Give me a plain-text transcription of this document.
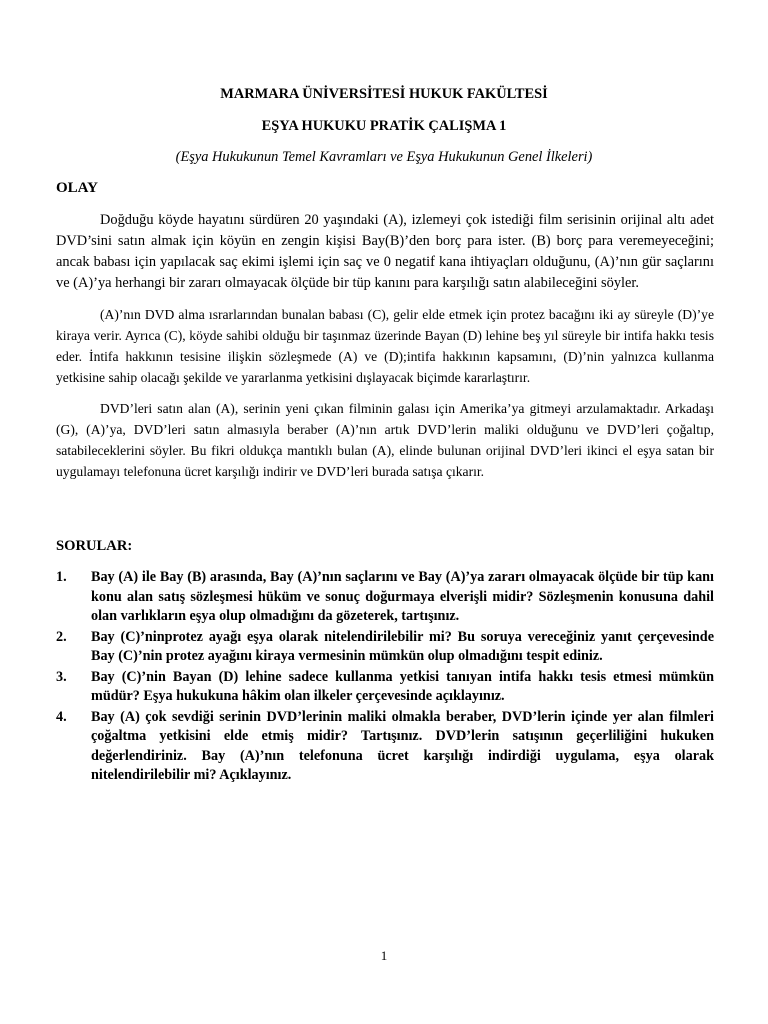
MARMARA ÜNİVERSİTESİ HUKUK FAKÜLTESİ
EŞYA HUKUKU PRATİK ÇALIŞMA 1
(Eşya Hukukunun Temel Kavramları ve Eşya Hukukunun Genel İlkeleri)
OLAY

Doğduğu köyde hayatını sürdüren 20 yaşındaki (A), izlemeyi çok istediği film serisinin orijinal altı adet DVD’sini satın almak için köyün en zengin kişisi Bay(B)’den borç para ister. (B) borç para veremeyeceğini; ancak babası için yapılacak saç ekimi işlemi için saç ve 0 negatif kana ihtiyaçları olduğunu, (A)’nın gür saçlarını ve (A)’ya herhangi bir zararı olmayacak ölçüde bir tüp kanını para karşılığı satın alabileceğini söyler.

(A)’nın DVD alma ısrarlarından bunalan babası (C), gelir elde etmek için protez bacağını iki ay süreyle (D)’ye kiraya verir. Ayrıca (C), köyde sahibi olduğu bir taşınmaz üzerinde Bayan (D) lehine beş yıl süreyle bir intifa hakkı tesis eder. İntifa hakkının tesisine ilişkin sözleşmede (A) ve (D);intifa hakkının kapsamını, (D)’nin yalnızca kullanma yetkisine sahip olacağı şekilde ve yararlanma yetkisini dışlayacak biçimde kararlaştırır.

DVD’leri satın alan (A), serinin yeni çıkan filminin galası için Amerika’ya gitmeyi arzulamaktadır. Arkadaşı (G), (A)’ya, DVD’leri satın almasıyla beraber (A)’nın artık DVD’lerin maliki olduğunu ve DVD’leri çoğaltıp, satabileceklerini söyler. Bu fikri oldukça mantıklı bulan (A), elinde bulunan orijinal DVD’leri ikinci el eşya satan bir uygulamayı telefonuna ücret karşılığı indirir ve DVD’leri burada satışa çıkarır.

SORULAR:
1.	Bay (A) ile Bay (B) arasında, Bay (A)’nın saçlarını ve Bay (A)’ya zararı olmayacak ölçüde bir tüp kanı konu alan satış sözleşmesi hüküm ve sonuç doğurmaya elverişli midir? Sözleşmenin konusuna dahil olan varlıkların eşya olup olmadığını da gözeterek, tartışınız.
2.	Bay (C)’ninprotez ayağı eşya olarak nitelendirilebilir mi? Bu soruya vereceğiniz yanıt çerçevesinde Bay (C)’nin protez ayağını kiraya vermesinin mümkün olup olmadığını tespit ediniz.
3.	Bay (C)’nin Bayan (D) lehine sadece kullanma yetkisi tanıyan intifa hakkı tesis etmesi mümkün müdür? Eşya hukukuna hâkim olan ilkeler çerçevesinde açıklayınız.
4.	Bay (A) çok sevdiği serinin DVD’lerinin maliki olmakla beraber, DVD’lerin içinde yer alan filmleri çoğaltma yetkisini elde etmiş midir? Tartışınız. DVD’lerin satışının geçerliliğini hukuken değerlendiriniz. Bay (A)’nın telefonuna ücret karşılığı indirdiği uygulama, eşya olarak nitelendirilebilir mi? Açıklayınız.
1
